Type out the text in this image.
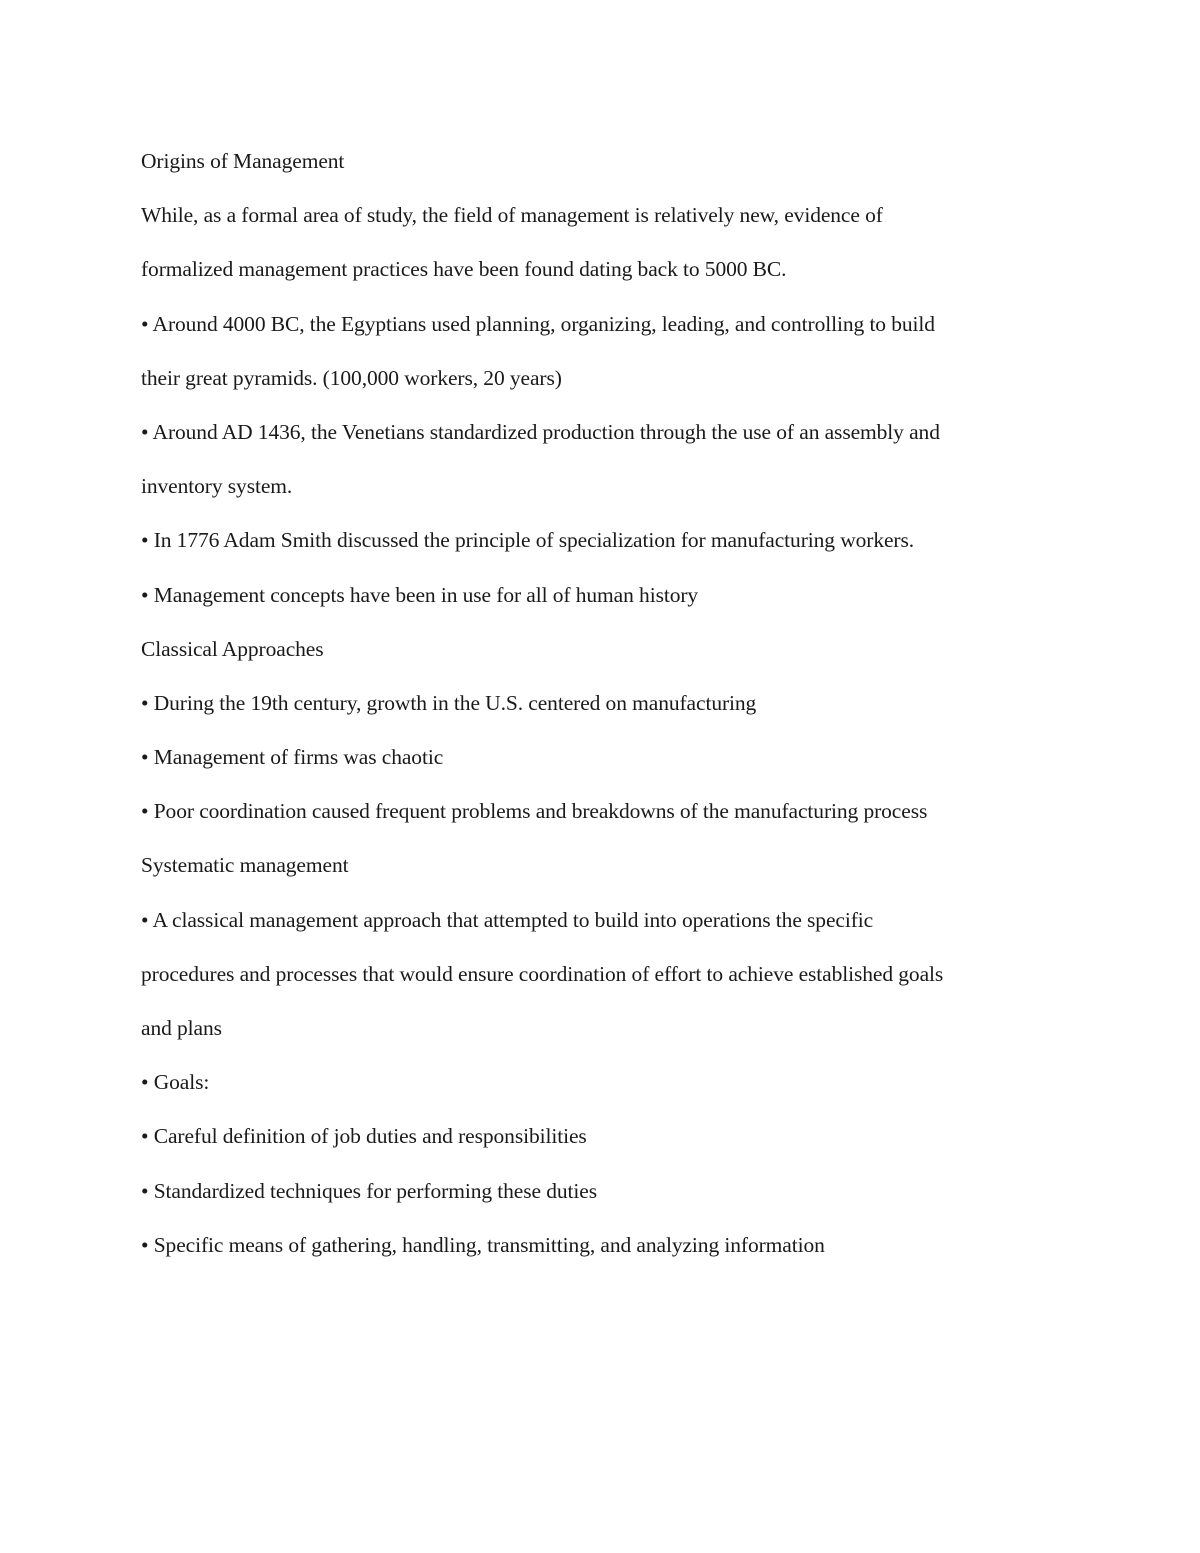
Origins of Management
While, as a formal area of study, the field of management is relatively new, evidence of
formalized management practices have been found dating back to 5000 BC.
• Around 4000 BC, the Egyptians used planning, organizing, leading, and controlling to build
their great pyramids. (100,000 workers, 20 years)
• Around AD 1436, the Venetians standardized production through the use of an assembly and
inventory system.
• In 1776 Adam Smith discussed the principle of specialization for manufacturing workers.
• Management concepts have been in use for all of human history
Classical Approaches
• During the 19th century, growth in the U.S. centered on manufacturing
• Management of firms was chaotic
• Poor coordination caused frequent problems and breakdowns of the manufacturing process
Systematic management
• A classical management approach that attempted to build into operations the specific
procedures and processes that would ensure coordination of effort to achieve established goals
and plans
• Goals:
• Careful definition of job duties and responsibilities
• Standardized techniques for performing these duties
• Specific means of gathering, handling, transmitting, and analyzing information
